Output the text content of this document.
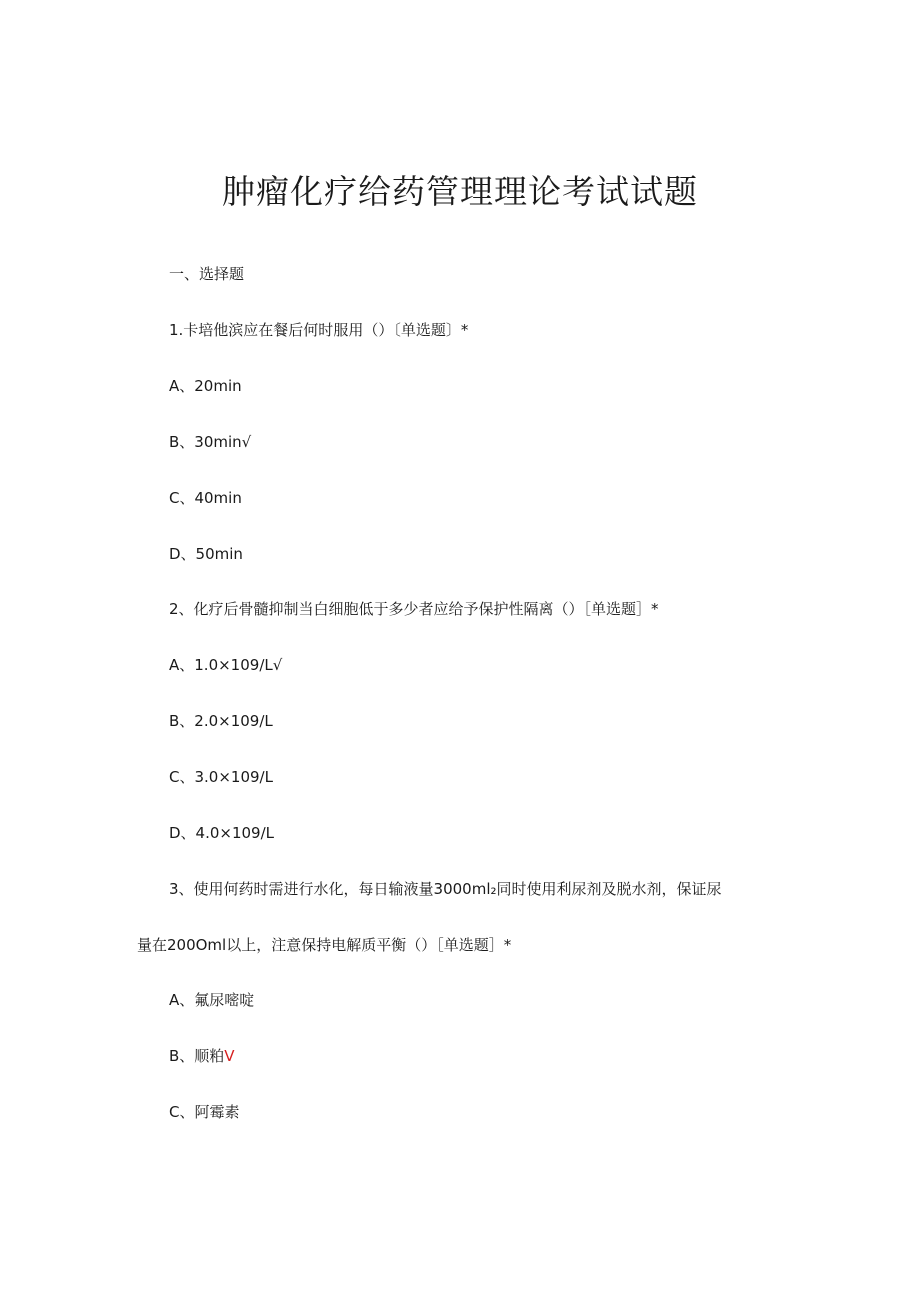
肿瘤化疗给药管理理论考试试题
一、选择题
1.卡培他滨应在餐后何时服用（）〔单选题〕*
A、20min
B、30min√
C、40min
D、50min
2、化疗后骨髓抑制当白细胞低于多少者应给予保护性隔离（）［单选题］*
A、1.0×109∕L√
B、2.0×109∕L
C、3.0×109∕L
D、4.0×109∕L
3、使用何药时需进行水化，每日输液量3000ml₂同时使用利尿剂及脱水剂，保证尿
量在200Oml以上，注意保持电解质平衡（）［单选题］*
A、氟尿嘧啶
B、顺粕V
C、阿霉素
